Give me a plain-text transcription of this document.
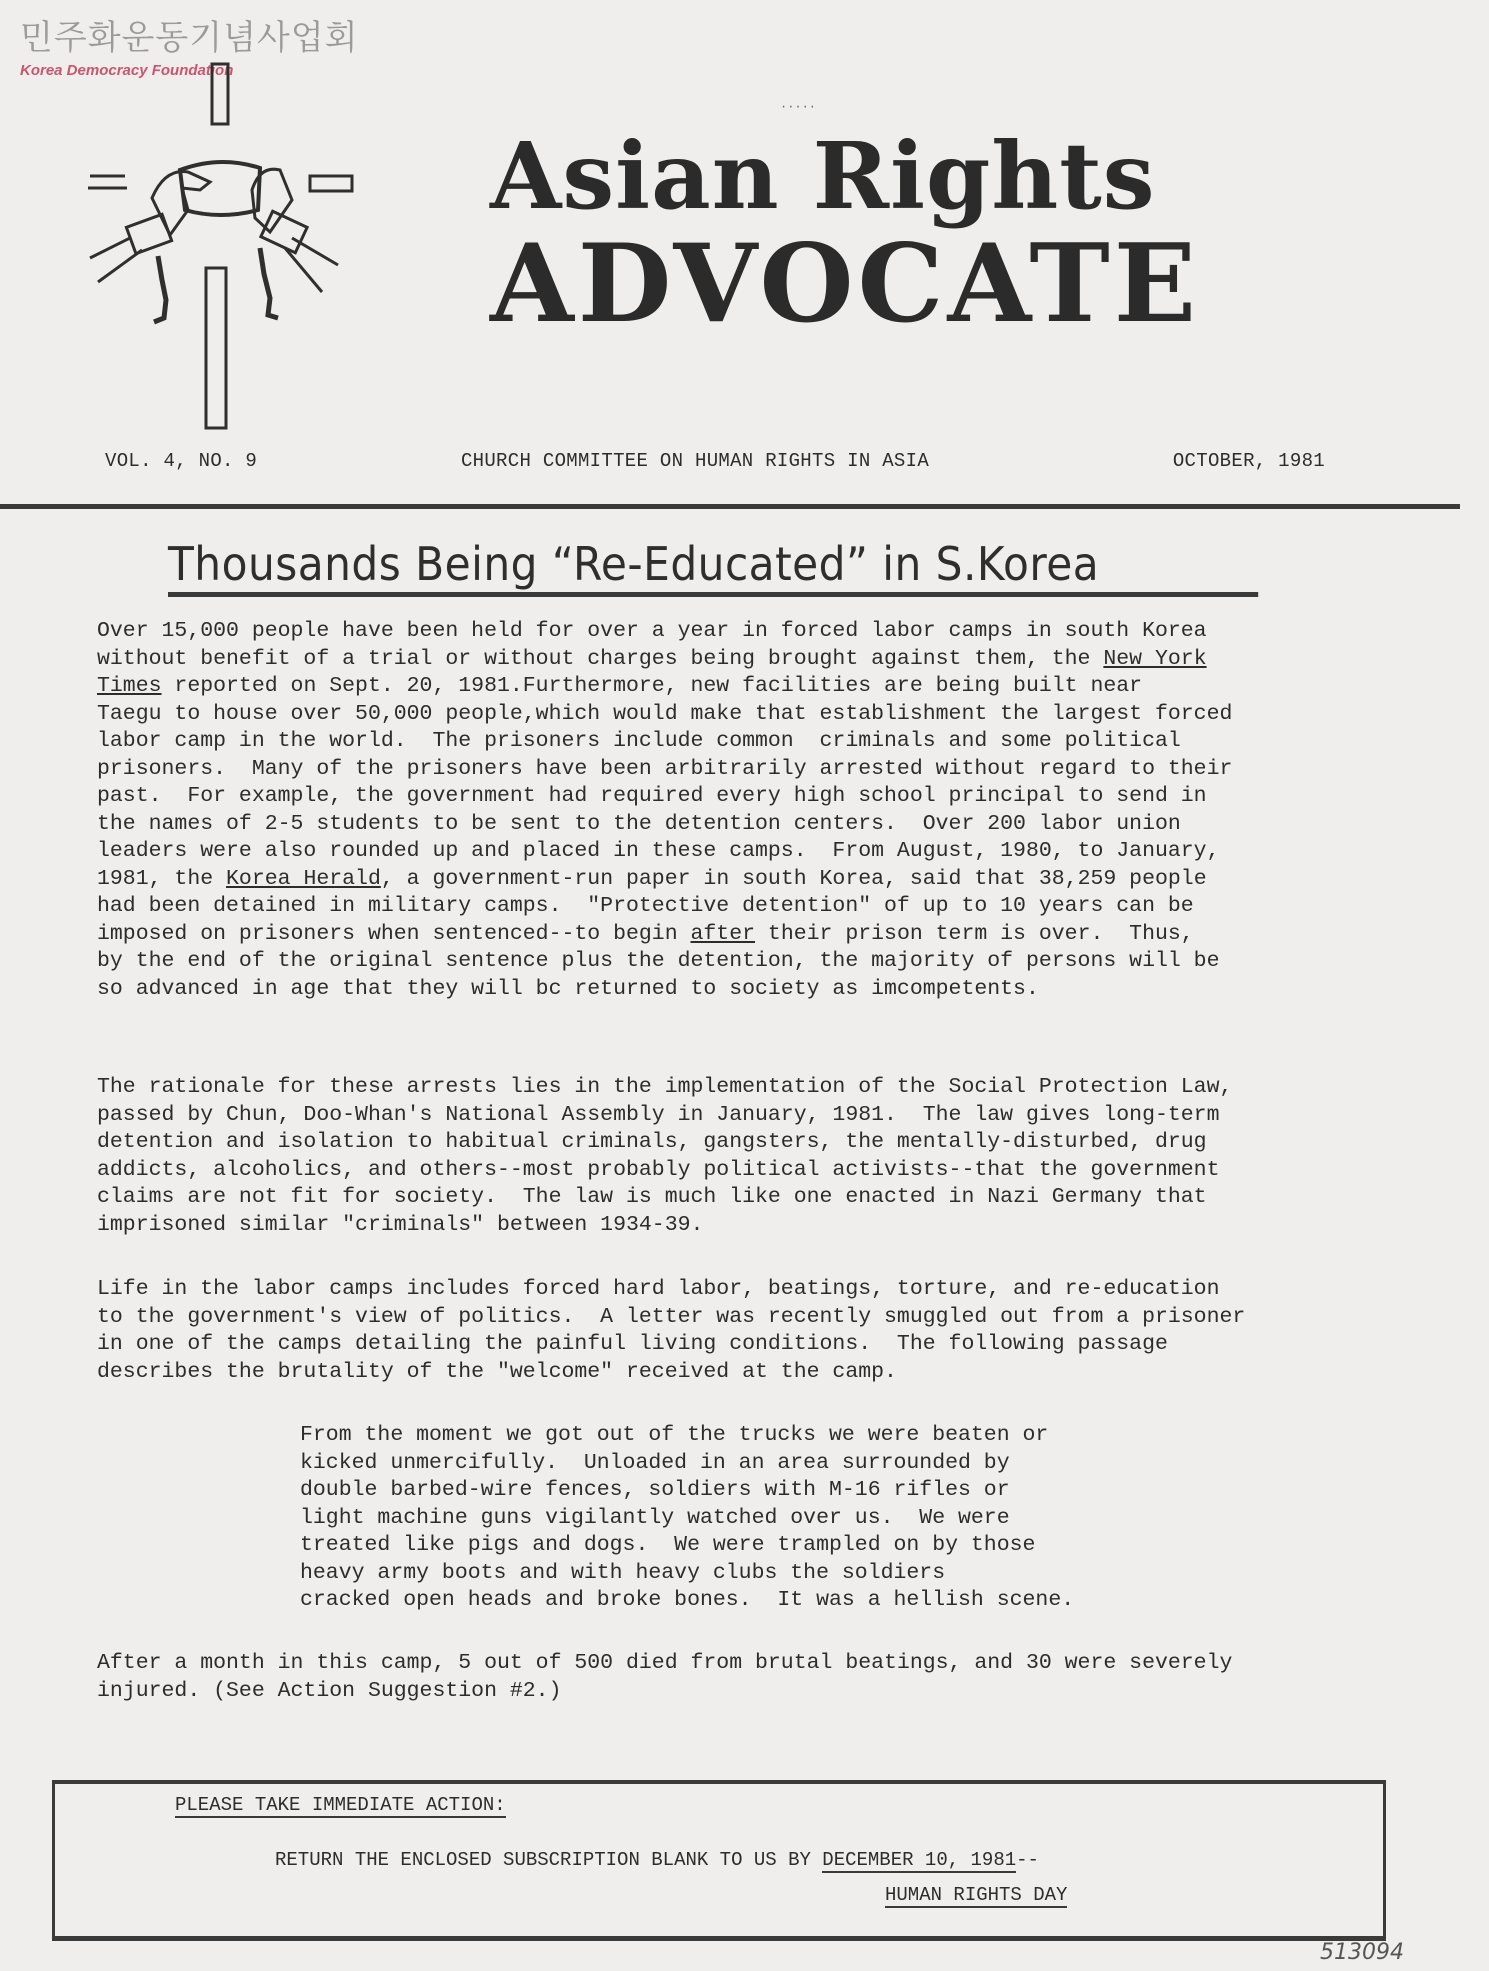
민주화운동기념사업회
Korea Democracy Foundation
·····
Asian Rights
ADVOCATE
VOL. 4, NO. 9	CHURCH COMMITTEE ON HUMAN RIGHTS IN ASIA	OCTOBER, 1981
Thousands Being “Re-Educated” in S.Korea
Over 15,000 people have been held for over a year in forced labor camps in south Korea
without benefit of a trial or without charges being brought against them, the New York
Times reported on Sept. 20, 1981.Furthermore, new facilities are being built near
Taegu to house over 50,000 people,which would make that establishment the largest forced
labor camp in the world.  The prisoners include common  criminals and some political
prisoners.  Many of the prisoners have been arbitrarily arrested without regard to their
past.  For example, the government had required every high school principal to send in
the names of 2-5 students to be sent to the detention centers.  Over 200 labor union
leaders were also rounded up and placed in these camps.  From August, 1980, to January,
1981, the Korea Herald, a government-run paper in south Korea, said that 38,259 people
had been detained in military camps.  "Protective detention" of up to 10 years can be
imposed on prisoners when sentenced--to begin after their prison term is over.  Thus,
by the end of the original sentence plus the detention, the majority of persons will be
so advanced in age that they will bc returned to society as imcompetents.
The rationale for these arrests lies in the implementation of the Social Protection Law,
passed by Chun, Doo-Whan's National Assembly in January, 1981.  The law gives long-term
detention and isolation to habitual criminals, gangsters, the mentally-disturbed, drug
addicts, alcoholics, and others--most probably political activists--that the government
claims are not fit for society.  The law is much like one enacted in Nazi Germany that
imprisoned similar "criminals" between 1934-39.
Life in the labor camps includes forced hard labor, beatings, torture, and re-education
to the government's view of politics.  A letter was recently smuggled out from a prisoner
in one of the camps detailing the painful living conditions.  The following passage
describes the brutality of the "welcome" received at the camp.
From the moment we got out of the trucks we were beaten or
kicked unmercifully.  Unloaded in an area surrounded by
double barbed-wire fences, soldiers with M-16 rifles or
light machine guns vigilantly watched over us.  We were
treated like pigs and dogs.  We were trampled on by those
heavy army boots and with heavy clubs the soldiers
cracked open heads and broke bones.  It was a hellish scene.
After a month in this camp, 5 out of 500 died from brutal beatings, and 30 were severely
injured. (See Action Suggestion #2.)
PLEASE TAKE IMMEDIATE ACTION:
RETURN THE ENCLOSED SUBSCRIPTION BLANK TO US BY DECEMBER 10, 1981--
HUMAN RIGHTS DAY
513094
